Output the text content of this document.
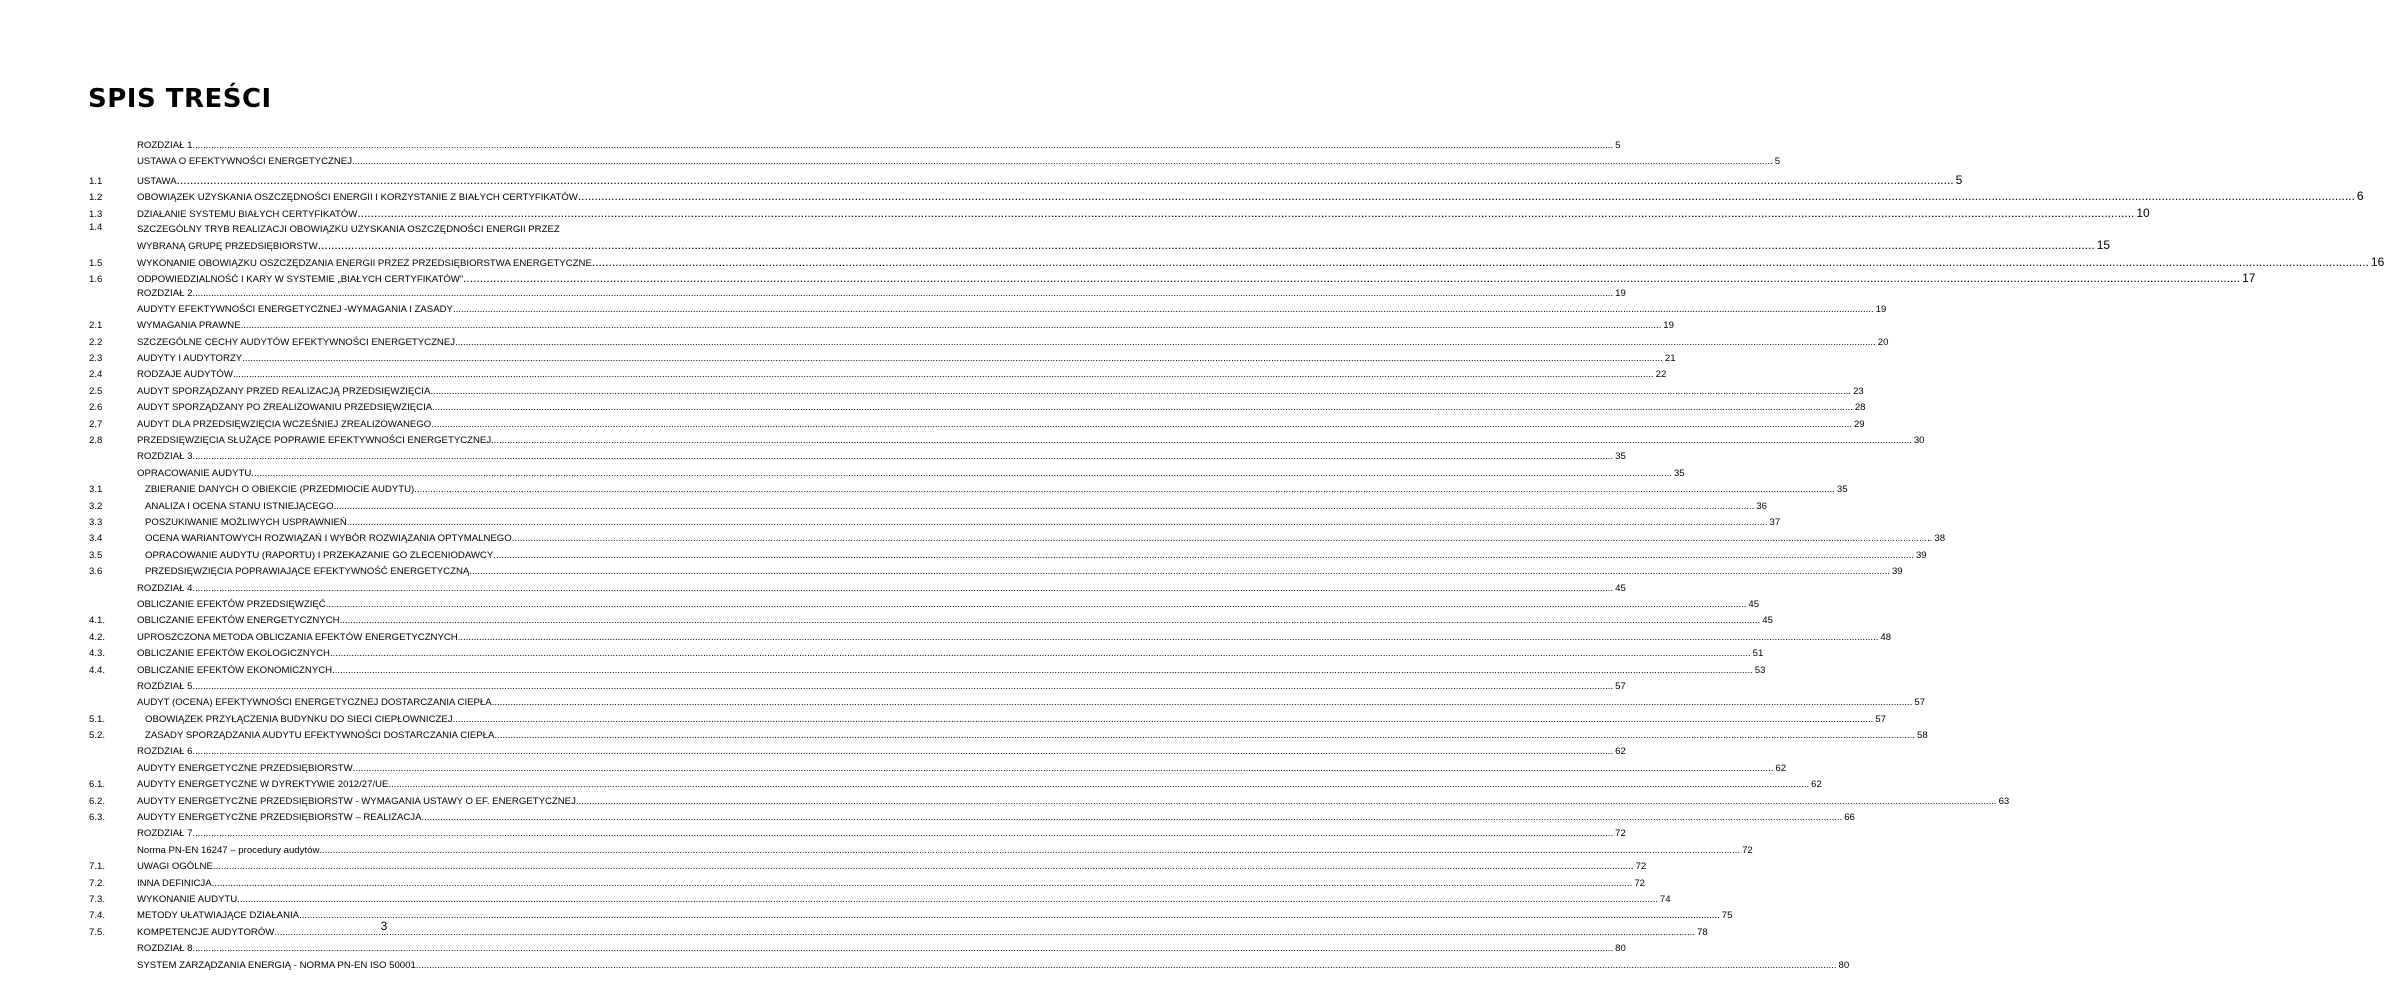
SPIS TREŚCI
ROZDZIAŁ 1 .....	5
USTAWA O EFEKTYWNOŚCI ENERGETYCZNEJ .....	5
1.1	USTAWA .....	5
1.2	OBOWIĄZEK UZYSKANIA OSZCZĘDNOŚCI ENERGII I KORZYSTANIE Z BIAŁYCH CERTYFIKATÓW .....	6
1.3	DZIAŁANIE SYSTEMU BIAŁYCH CERTYFIKATÓW .....	10
1.4	SZCZEGÓLNY TRYB REALIZACJI OBOWIĄZKU UZYSKANIA OSZCZĘDNOŚCI ENERGII PRZEZ
WYBRANĄ GRUPĘ PRZEDSIĘBIORSTW .....	15
1.5	WYKONANIE OBOWIĄZKU OSZCZĘDZANIA ENERGII PRZEZ PRZEDSIĘBIORSTWA ENERGETYCZNE .....	16
1.6	ODPOWIEDZIALNOŚĆ I KARY W SYSTEMIE „BIAŁYCH CERTYFIKATÓW” .....	17
ROZDZIAŁ 2 .....	19
AUDYTY EFEKTYWNOŚCI ENERGETYCZNEJ -WYMAGANIA I ZASADY .....	19
2.1	WYMAGANIA PRAWNE .....	19
2.2	SZCZEGÓLNE CECHY AUDYTÓW EFEKTYWNOŚCI ENERGETYCZNEJ .....	20
2.3	AUDYTY I AUDYTORZY .....	21
2.4	RODZAJE AUDYTÓW .....	22
2.5	AUDYT SPORZĄDZANY PRZED REALIZACJĄ PRZEDSIĘWZIĘCIA .....	23
2.6	AUDYT SPORZĄDZANY PO ZREALIZOWANIU PRZEDSIĘWZIĘCIA .....	28
2.7	AUDYT DLA PRZEDSIĘWZIĘCIA WCZEŚNIEJ ZREALIZOWANEGO .....	29
2.8	PRZEDSIĘWZIĘCIA SŁUŻĄCE POPRAWIE EFEKTYWNOŚCI ENERGETYCZNEJ .....	30
ROZDZIAŁ 3 .....	35
OPRACOWANIE AUDYTU .....	35
3.1	ZBIERANIE DANYCH O OBIEKCIE (PRZEDMIOCIE AUDYTU) .....	35
3.2	ANALIZA I OCENA STANU ISTNIEJĄCEGO .....	36
3.3	POSZUKIWANIE MOŻLIWYCH USPRAWNIEŃ .....	37
3.4	OCENA WARIANTOWYCH ROZWIĄZAŃ I WYBÓR ROZWIĄZANIA OPTYMALNEGO .....	38
3.5	OPRACOWANIE AUDYTU (RAPORTU) I PRZEKAZANIE GO ZLECENIODAWCY .....	39
3.6	PRZEDSIĘWZIĘCIA POPRAWIAJĄCE EFEKTYWNOŚĆ ENERGETYCZNĄ .....	39
ROZDZIAŁ 4 .....	45
OBLICZANIE EFEKTÓW PRZEDSIĘWZIĘĆ .....	45
4.1.	OBLICZANIE EFEKTÓW ENERGETYCZNYCH .....	45
4.2.	UPROSZCZONA METODA OBLICZANIA EFEKTÓW ENERGETYCZNYCH .....	48
4.3.	OBLICZANIE EFEKTÓW EKOLOGICZNYCH .....	51
4.4.	OBLICZANIE EFEKTÓW EKONOMICZNYCH .....	53
ROZDZIAŁ 5 .....	57
AUDYT (OCENA) EFEKTYWNOŚCI ENERGETYCZNEJ DOSTARCZANIA CIEPŁA .....	57
5.1.	OBOWIĄZEK PRZYŁĄCZENIA BUDYNKU DO SIECI CIEPŁOWNICZEJ .....	57
5.2.	ZASADY SPORZĄDZANIA AUDYTU EFEKTYWNOŚCI DOSTARCZANIA CIEPŁA .....	58
ROZDZIAŁ 6 .....	62
AUDYTY ENERGETYCZNE PRZEDSIĘBIORSTW .....	62
6.1.	AUDYTY ENERGETYCZNE W DYREKTYWIE 2012/27/UE .....	62
6.2.	AUDYTY ENERGETYCZNE PRZEDSIĘBIORSTW - WYMAGANIA USTAWY O EF. ENERGETYCZNEJ .....	63
6.3.	AUDYTY ENERGETYCZNE PRZEDSIĘBIORSTW – REALIZACJA .....	66
ROZDZIAŁ 7 .....	72
Norma PN-EN 16247 – procedury audytów .....	72
7.1.	UWAGI OGÓLNE .....	72
7.2.	INNA DEFINICJA .....	72
7.3.	WYKONANIE AUDYTU .....	74
7.4.	METODY UŁATWIAJĄCE DZIAŁANIA .....	75
7.5.	KOMPETENCJE AUDYTORÓW .....	78
ROZDZIAŁ 8 .....	80
SYSTEM ZARZĄDZANIA ENERGIĄ - NORMA PN-EN ISO 50001 .....	80
3
